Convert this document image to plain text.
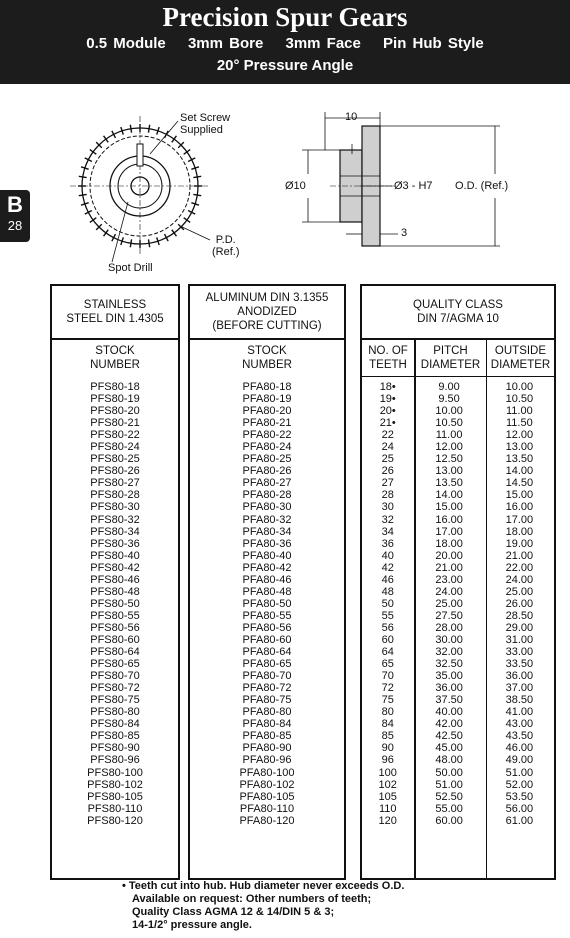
Precision Spur Gears
0.5 Module 3mm Bore 3mm Face Pin Hub Style
20° Pressure Angle
B
28
Set Screw
Supplied
Spot Drill
P.D.
(Ref.)
10
Ø10	Ø3 - H7 O.D. (Ref.)
3
STAINLESS
STEEL DIN 1.4305
STOCK
NUMBER
PFS80-18
PFS80-19
PFS80-20
PFS80-21
PFS80-22
PFS80-24
PFS80-25
PFS80-26
PFS80-27
PFS80-28
PFS80-30
PFS80-32
PFS80-34
PFS80-36
PFS80-40
PFS80-42
PFS80-46
PFS80-48
PFS80-50
PFS80-55
PFS80-56
PFS80-60
PFS80-64
PFS80-65
PFS80-70
PFS80-72
PFS80-75
PFS80-80
PFS80-84
PFS80-85
PFS80-90
PFS80-96
PFS80-100
PFS80-102
PFS80-105
PFS80-110
PFS80-120
ALUMINUM DIN 3.1355
ANODIZED
(BEFORE CUTTING)
STOCK
NUMBER
PFA80-18
PFA80-19
PFA80-20
PFA80-21
PFA80-22
PFA80-24
PFA80-25
PFA80-26
PFA80-27
PFA80-28
PFA80-30
PFA80-32
PFA80-34
PFA80-36
PFA80-40
PFA80-42
PFA80-46
PFA80-48
PFA80-50
PFA80-55
PFA80-56
PFA80-60
PFA80-64
PFA80-65
PFA80-70
PFA80-72
PFA80-75
PFA80-80
PFA80-84
PFA80-85
PFA80-90
PFA80-96
PFA80-100
PFA80-102
PFA80-105
PFA80-110
PFA80-120
QUALITY CLASS
DIN 7/AGMA 10
NO. OF
TEETH
PITCH
DIAMETER
OUTSIDE
DIAMETER
18•	9.00	10.00
19•	9.50	10.50
20•	10.00	11.00
21•	10.50	11.50
22	11.00	12.00
24	12.00	13.00
25	12.50	13.50
26	13.00	14.00
27	13.50	14.50
28	14.00	15.00
30	15.00	16.00
32	16.00	17.00
34	17.00	18.00
36	18.00	19.00
40	20.00	21.00
42	21.00	22.00
46	23.00	24.00
48	24.00	25.00
50	25.00	26.00
55	27.50	28.50
56	28.00	29.00
60	30.00	31.00
64	32.00	33.00
65	32.50	33.50
70	35.00	36.00
72	36.00	37.00
75	37.50	38.50
80	40.00	41.00
84	42.00	43.00
85	42.50	43.50
90	45.00	46.00
96	48.00	49.00
100	50.00	51.00
102	51.00	52.00
105	52.50	53.50
110	55.00	56.00
120	60.00	61.00
• Teeth cut into hub. Hub diameter never exceeds O.D.
Available on request: Other numbers of teeth;
Quality Class AGMA 12 & 14/DIN 5 & 3;
14-1/2° pressure angle.
